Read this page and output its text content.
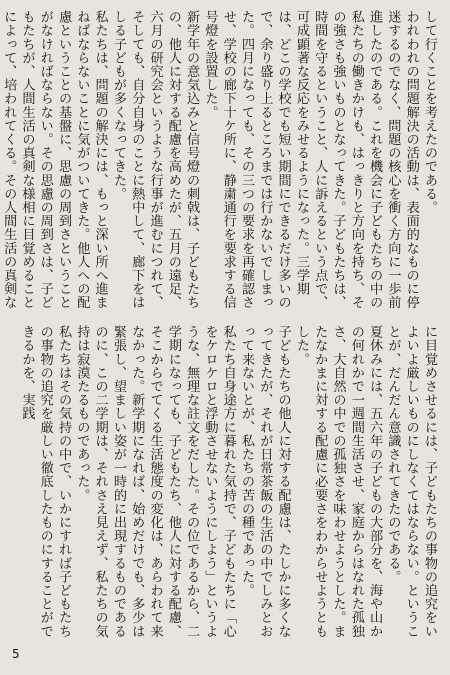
して行くことを考えたのである。
われわれの問題解決の活動は、表面的なものに停迷するのでなく、問題の核心を衝く方向に一歩前進したのである。これを機会に子どもたちの中の私たちの働きかけも、はっきりと方向を持ち、その強さも強いものとなってきた。子どもたちは、時間を守るということ、人に訴えるという点で、可成顕著な反応をみせるようになった。三学期は、どこの学校でも短い期間にできるだけ多いので、余り盛り上るところまでは行かないでしまった。四月になっても、その三つの要求を再確認させ、学校の廊下十ケ所に、静粛通行を要求する信号燈を設置した。
新学年の意気込みと信号燈の刺戟は、子どもたちの、他人に対する配慮を高めたが、五月の遠足、六月の研究会というような行事が進むにつれて、そしても、自分自身のことに熱中して、廊下をはしる子どもが多くなってきた。
私たちは、問題の解決には、もっと深い所へ進まねばならないことに気がついてきた。他人への配慮ということの基盤に、思慮の周到さということがなければならない。その思慮の周到さは、子どもたちが、人間生活の真剣な様相に目覚めることによって、培われてくる。その人間生活の真剣な
に目覚めさせるには、子どもたちの事物の追究をいよいよ厳しいものにしなくてはならない。ということが、だんだん意識されてきたのである。
夏休みには、五六年の子どもの大部分を、海や山かの何れかで一週間生活させ、家庭からはなれた孤独さ、大自然の中での孤独さを味わせようとした。またなかまに対する配慮に必要さをわからせようともした。
子どもたちの他人に対する配慮は、たしかに多くなってきたが、それが日常茶飯の生活の中でしみとおって来ないとが、私たちの苦の種であった。
私たち自身途方に暮れた気持で、子どもたちに「心をケロケロと浮動させないようにしよう」というような、無理な註文をだした。その位であるから、二学期になっても、子どもたち、他人に対する配慮、そこからでてくる生活態度の変化は、あらわれて来なかった。新学期になれば、始めだけでも、多少は緊張し、望ましい姿が一時的に出現するものであるのに、この二学期は、それさえ見えず、私たちの気持は寂漠たるものであった。
私たちはその気持の中で、いかにすれば子どもたちの事物の追究を厳しい徹底したものにすることができるかを、実践
5
